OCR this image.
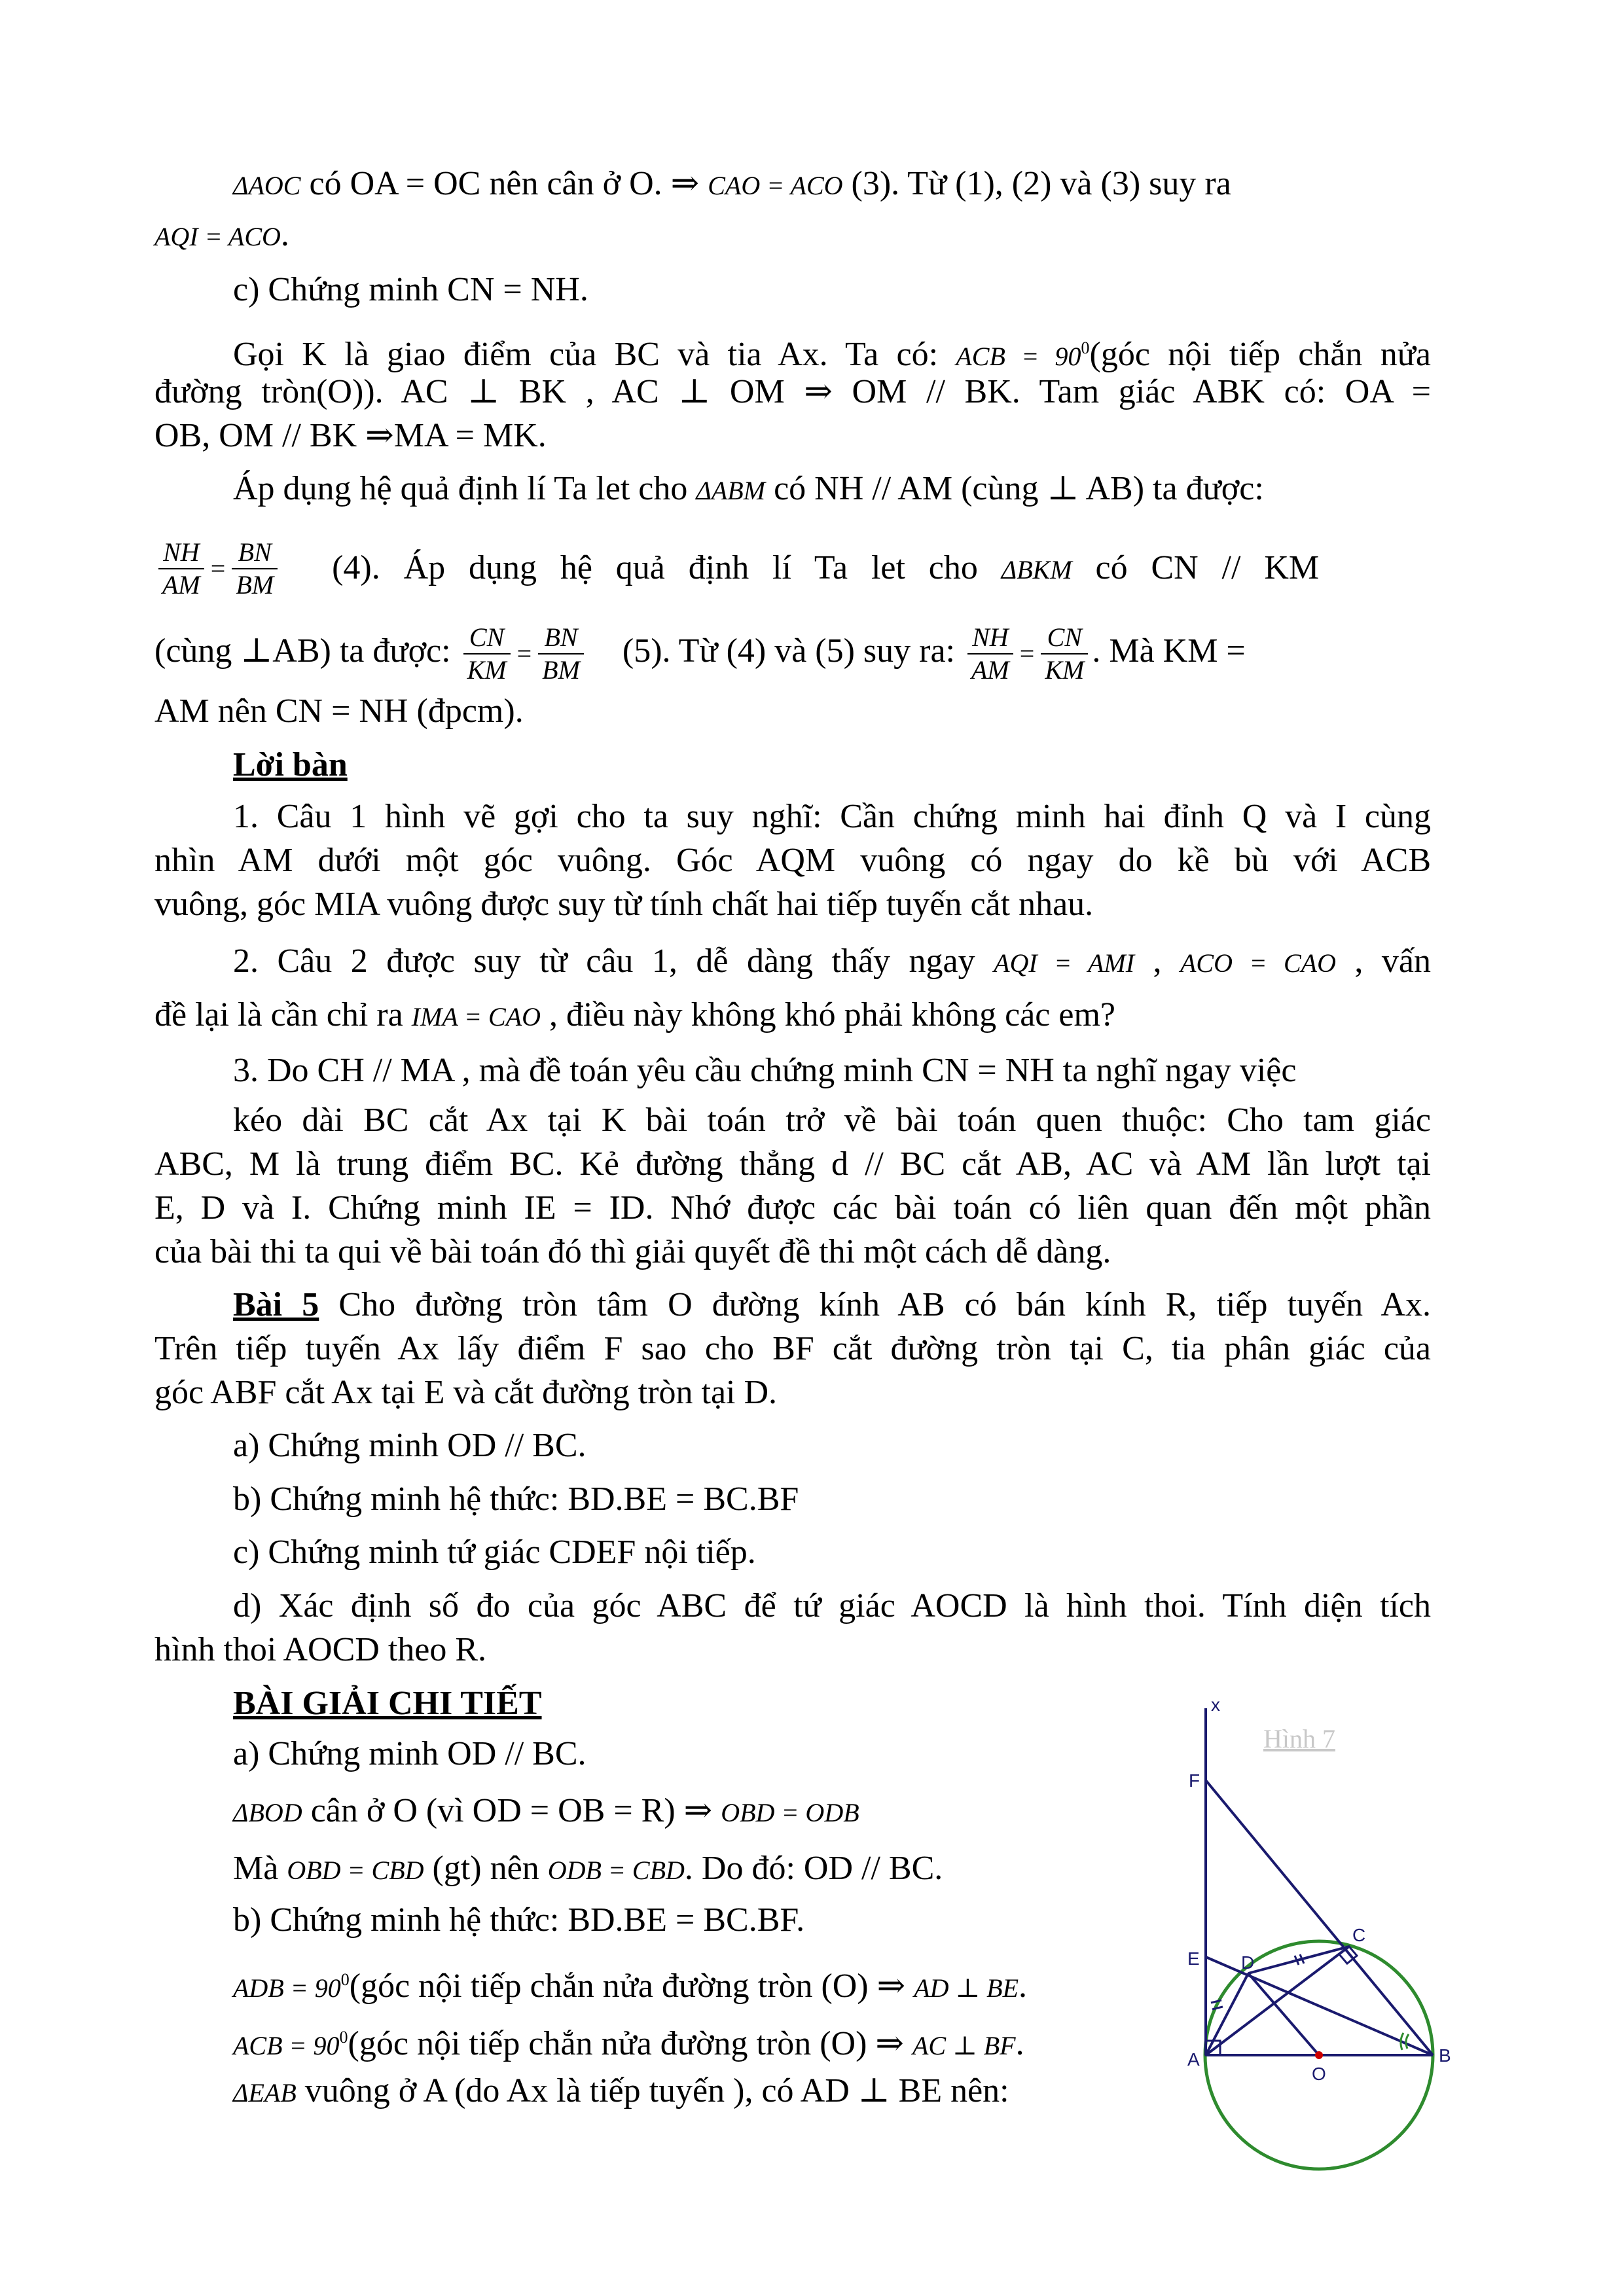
ΔAOC có OA = OC nên cân ở O. ⇒ CAO = ACO (3). Từ (1), (2) và (3) suy ra
AQI = ACO.
c) Chứng minh CN = NH.
Gọi K là giao điểm của BC và tia Ax. Ta có: ACB = $90^0(góc$ nội tiếp chắn nửa
đường tròn(O)). AC ⊥ BK , AC ⊥ OM ⇒ OM // BK. Tam giác ABK có: OA =
OB, OM // BK ⇒MA = MK.
Áp dụng hệ quả định lí Ta let cho ΔABM có NH // AM (cùng ⊥ AB) ta được:
$\frac{NH}{AM} = \frac{BN}{BM} (4)$. Áp dụng hệ quả định lí Ta let cho ΔBKM có CN // KM
(cùng ⊥AB) ta được: $\frac{CN}{KM} = \frac{BN}{BM} (5)$. Từ (4) và (5) suy ra: $\frac{NH}{AM} = \frac{CN}{KM}$ . Mà KM =
AM nên CN = NH (đpcm).
Lời bàn
1. Câu 1 hình vẽ gợi cho ta suy nghĩ: Cần chứng minh hai đỉnh Q và I cùng
nhìn AM dưới một góc vuông. Góc AQM vuông có ngay do kề bù với ACB
vuông, góc MIA vuông được suy từ tính chất hai tiếp tuyến cắt nhau.
2. Câu 2 được suy từ câu 1, dễ dàng thấy ngay AQI = AMI , ACO = CAO , vấn
đề lại là cần chỉ ra IMA = CAO , điều này không khó phải không các em?
3. Do CH // MA , mà đề toán yêu cầu chứng minh CN = NH ta nghĩ ngay việc
kéo dài BC cắt Ax tại K bài toán trở về bài toán quen thuộc: Cho tam giác
ABC, M là trung điểm BC. Kẻ đường thẳng d // BC cắt AB, AC và AM lần lượt tại
E, D và I. Chứng minh IE = ID. Nhớ được các bài toán có liên quan đến một phần
của bài thi ta qui về bài toán đó thì giải quyết đề thi một cách dễ dàng.
Bài 5 Cho đường tròn tâm O đường kính AB có bán kính R, tiếp tuyến Ax.
Trên tiếp tuyến Ax lấy điểm F sao cho BF cắt đường tròn tại C, tia phân giác của
góc ABF cắt Ax tại E và cắt đường tròn tại D.
a) Chứng minh OD // BC.
b) Chứng minh hệ thức: BD.BE = BC.BF
c) Chứng minh tứ giác CDEF nội tiếp.
d) Xác định số đo của góc ABC để tứ giác AOCD là hình thoi. Tính diện tích
hình thoi AOCD theo R.
BÀI GIẢI CHI TIẾT
a) Chứng minh OD // BC.
ΔBOD cân ở O (vì OD = OB = R) ⇒ OBD = ODB
Mà OBD = CBD (gt) nên ODB = CBD. Do đó: OD // BC.
b) Chứng minh hệ thức: BD.BE = BC.BF.
ADB = $90^0(góc$ nội tiếp chắn nửa đường tròn (O) ⇒ AD ⊥ BE.
ACB = $90^0(góc$ nội tiếp chắn nửa đường tròn (O) ⇒ AC ⊥ BF.
ΔEAB vuông ở A (do Ax là tiếp tuyến ), có AD ⊥ BE nên:
Hình 7
x
F
E D
C
A
O
B
